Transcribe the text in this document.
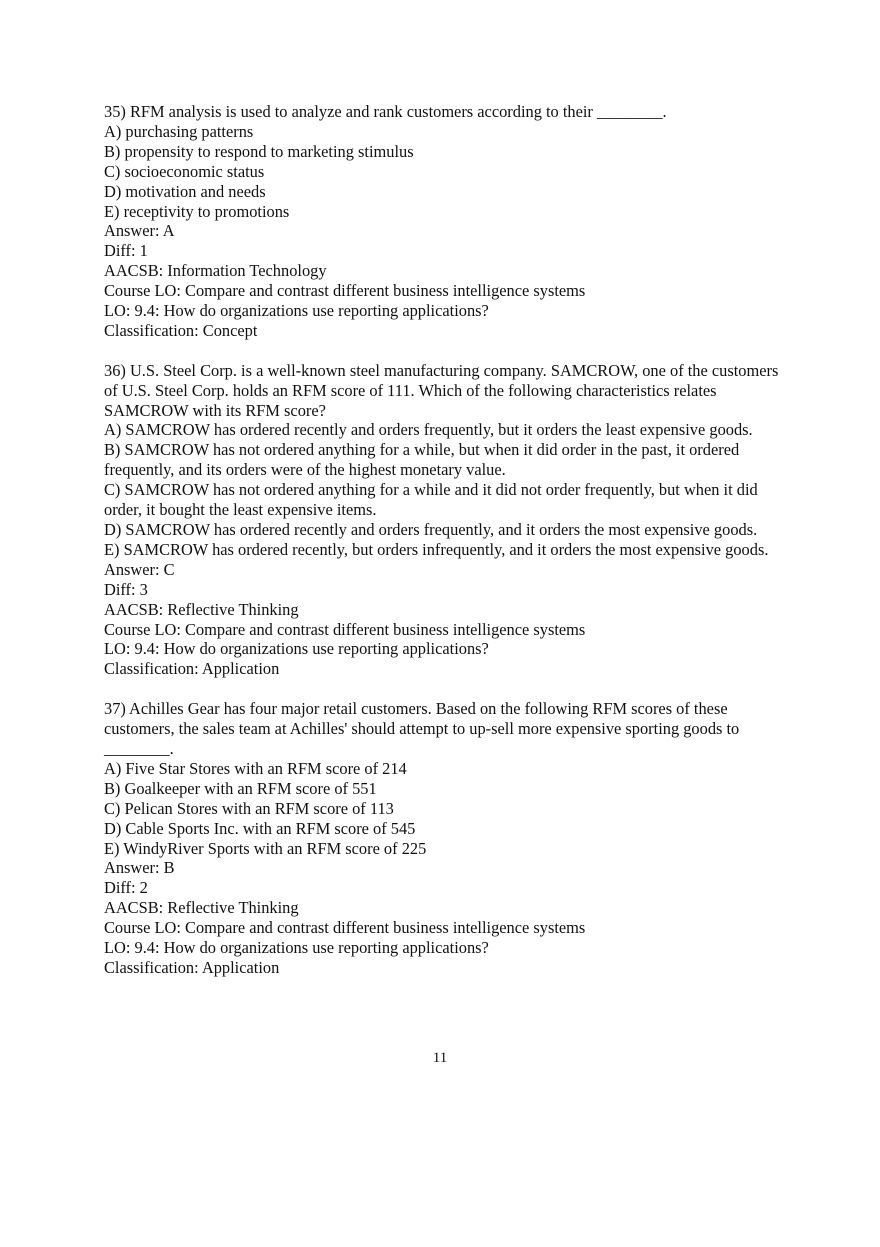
35) RFM analysis is used to analyze and rank customers according to their ________.
A) purchasing patterns
B) propensity to respond to marketing stimulus
C) socioeconomic status
D) motivation and needs
E) receptivity to promotions
Answer: A
Diff: 1
AACSB: Information Technology
Course LO: Compare and contrast different business intelligence systems
LO: 9.4: How do organizations use reporting applications?
Classification: Concept
36) U.S. Steel Corp. is a well-known steel manufacturing company. SAMCROW, one of the customers of U.S. Steel Corp. holds an RFM score of 111. Which of the following characteristics relates SAMCROW with its RFM score?
A) SAMCROW has ordered recently and orders frequently, but it orders the least expensive goods.
B) SAMCROW has not ordered anything for a while, but when it did order in the past, it ordered frequently, and its orders were of the highest monetary value.
C) SAMCROW has not ordered anything for a while and it did not order frequently, but when it did order, it bought the least expensive items.
D) SAMCROW has ordered recently and orders frequently, and it orders the most expensive goods.
E) SAMCROW has ordered recently, but orders infrequently, and it orders the most expensive goods.
Answer: C
Diff: 3
AACSB: Reflective Thinking
Course LO: Compare and contrast different business intelligence systems
LO: 9.4: How do organizations use reporting applications?
Classification: Application
37) Achilles Gear has four major retail customers. Based on the following RFM scores of these customers, the sales team at Achilles' should attempt to up-sell more expensive sporting goods to ________.
A) Five Star Stores with an RFM score of 214
B) Goalkeeper with an RFM score of 551
C) Pelican Stores with an RFM score of 113
D) Cable Sports Inc. with an RFM score of 545
E) WindyRiver Sports with an RFM score of 225
Answer: B
Diff: 2
AACSB: Reflective Thinking
Course LO: Compare and contrast different business intelligence systems
LO: 9.4: How do organizations use reporting applications?
Classification: Application
11
